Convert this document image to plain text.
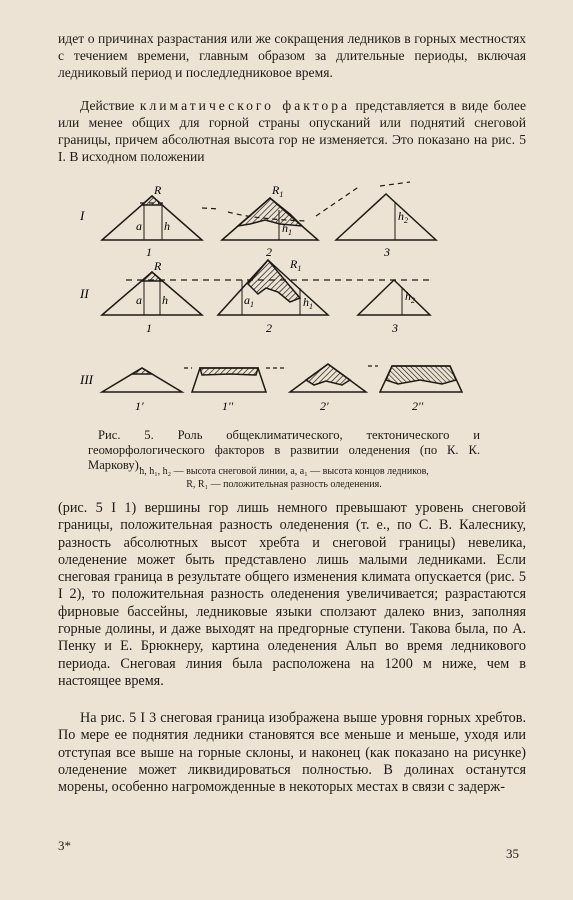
идет о причинах разрастания или же сокращения ледников в горных местностях с течением времени, главным образом за длительные периоды, включая ледниковый период и последледниковое время.

Действие климатического фактора представляется в виде более или менее общих для горной страны опусканий или поднятий снеговой границы, причем абсолютная высота гор не изменяется. Это показано на рис. 5 I. В исходном положении

I
II
III
R
a h
$R_1$
$h_1$
$h_2$
1	2	3
R
a h
$R_1$
$a_1$	$h_1$
$h_2$
1	2	3
1'	1''	2'	2''

Рис. 5. Роль общеклиматического, тектонического и геоморфологического факторов в развитии оледенения (по К. К. Маркову).

h, h₁, h₂ — высота снеговой линии, a, a₁ — высота концов ледников,
R, R₁ — положительная разность оледенения.

(рис. 5 I 1) вершины гор лишь немного превышают уровень снеговой границы, положительная разность оледенения (т. е., по С. В. Калеснику, разность абсолютных высот хребта и снеговой границы) невелика, оледенение может быть представлено лишь малыми ледниками. Если снеговая граница в результате общего изменения климата опускается (рис. 5 I 2), то положительная разность оледенения увеличивается; разрастаются фирновые бассейны, ледниковые языки сползают далеко вниз, заполняя горные долины, и даже выходят на предгорные ступени. Такова была, по А. Пенку и Е. Брюкнеру, картина оледенения Альп во время ледникового периода. Снеговая линия была расположена на 1200 м ниже, чем в настоящее время.

На рис. 5 I 3 снеговая граница изображена выше уровня горных хребтов. По мере ее поднятия ледники становятся все меньше и меньше, уходя или отступая все выше на горные склоны, и наконец (как показано на рисунке) оледенение может ликвидироваться полностью. В долинах останутся морены, особенно нагроможденные в некоторых местах в связи с задерж-

3*
35
